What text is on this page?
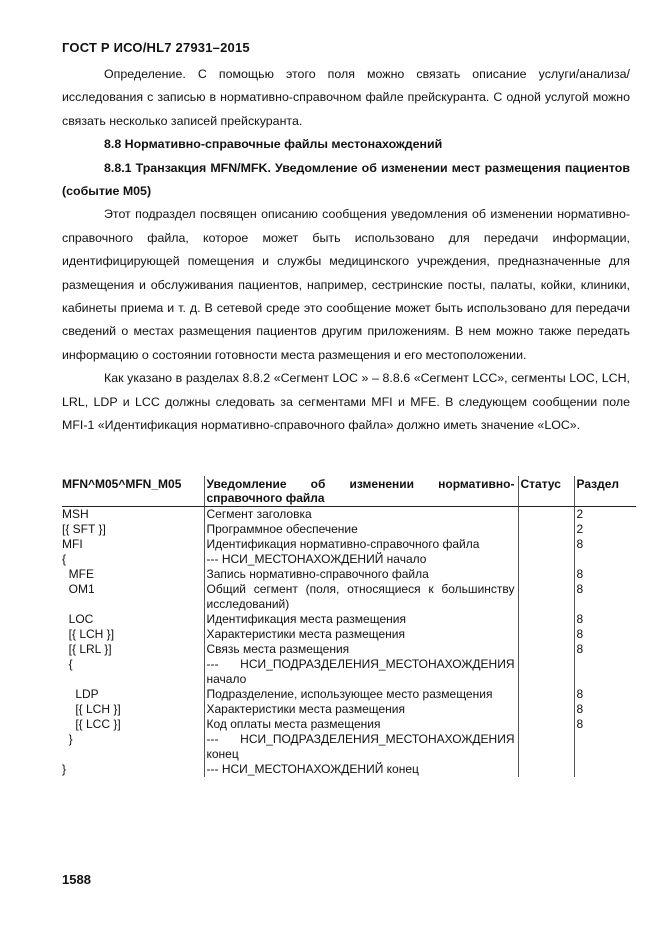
ГОСТ Р ИСО/HL7 27931–2015

Определение. С помощью этого поля можно связать описание услуги/анализа/исследования с записью в нормативно-справочном файле прейскуранта. С одной услугой можно связать несколько записей прейскуранта.

8.8 Нормативно-справочные файлы местонахождений

8.8.1 Транзакция MFN/MFK. Уведомление об изменении мест размещения пациентов (событие M05)

Этот подраздел посвящен описанию сообщения уведомления об изменении нормативно-справочного файла, которое может быть использовано для передачи информации, идентифицирующей помещения и службы медицинского учреждения, предназначенные для размещения и обслуживания пациентов, например, сестринские посты, палаты, койки, клиники, кабинеты приема и т. д. В сетевой среде это сообщение может быть использовано для передачи сведений о местах размещения пациентов другим приложениям. В нем можно также передать информацию о состоянии готовности места размещения и его местоположении.

Как указано в разделах 8.8.2 «Сегмент LOC » – 8.8.6 «Сегмент LCC», сегменты LOC, LCH, LRL, LDP и LCC должны следовать за сегментами MFI и MFE. В следующем сообщении поле MFI-1 «Идентификация нормативно-справочного файла» должно иметь значение «LOC».

MFN^M05^MFN_M05	Уведомление об изменении нормативно-справочного файла	Статус	Раздел
MSH	Сегмент заголовка		2
[{ SFT }]	Программное обеспечение		2
MFI	Идентификация нормативно-справочного файла		8
{	--- НСИ_МЕСТОНАХОЖДЕНИЙ начало		
MFE	Запись нормативно-справочного файла		8
OM1	Общий сегмент (поля, относящиеся к большинству исследований)		8
LOC	Идентификация места размещения		8
[{ LCH }]	Характеристики места размещения		8
[{ LRL }]	Связь места размещения		8
{	--- НСИ_ПОДРАЗДЕЛЕНИЯ_МЕСТОНАХОЖДЕНИЯ начало		
LDP	Подразделение, использующее место размещения		8
[{ LCH }]	Характеристики места размещения		8
[{ LCC }]	Код оплаты места размещения		8
}	--- НСИ_ПОДРАЗДЕЛЕНИЯ_МЕСТОНАХОЖДЕНИЯ конец		
}	--- НСИ_МЕСТОНАХОЖДЕНИЙ конец		
1588
